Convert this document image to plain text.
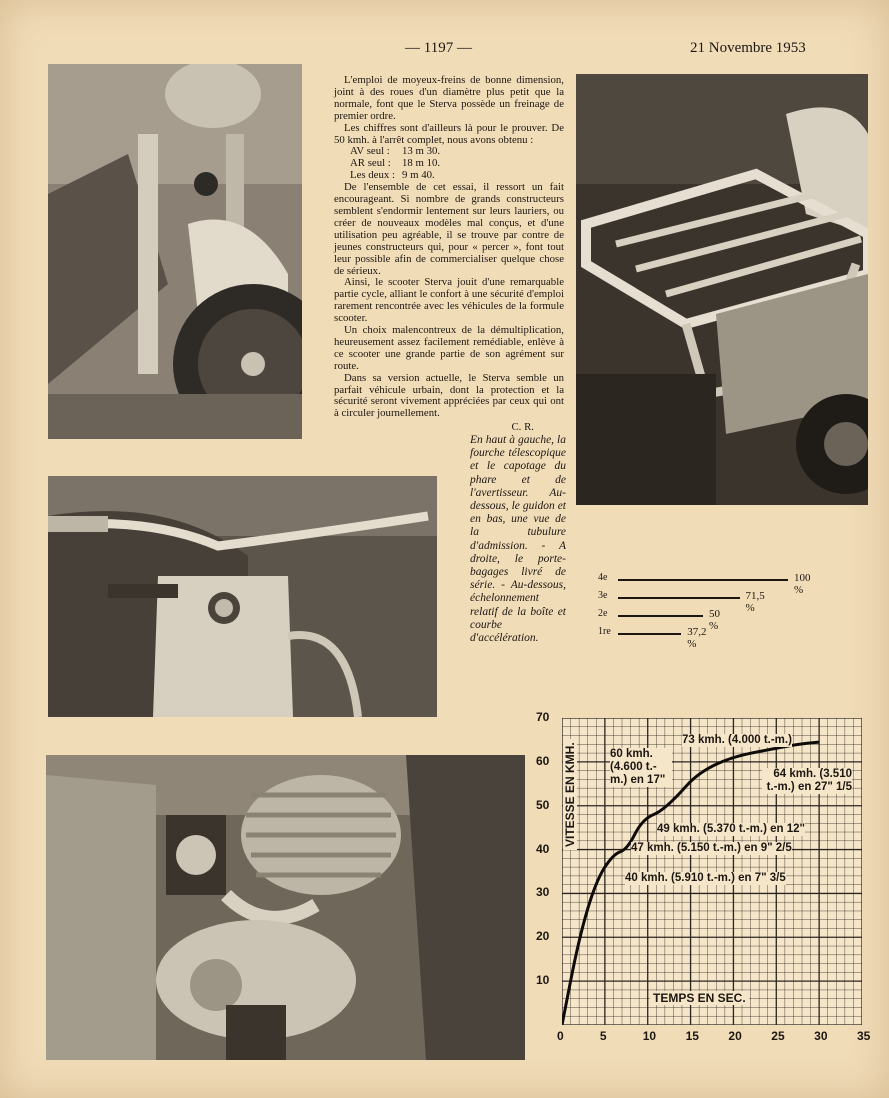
— 1197 —	21 Novembre 1953

L'emploi de moyeux-freins de bonne dimension, joint à des roues d'un diamètre plus petit que la normale, font que le Sterva possède un freinage de premier ordre.

Les chiffres sont d'ailleurs là pour le prouver. De 50 kmh. à l'arrêt complet, nous avons obtenu :

AV seul :	13 m 30.
AR seul :	18 m 10.
Les deux : 9 m 40.

De l'ensemble de cet essai, il ressort un fait encourageant. Si nombre de grands constructeurs semblent s'endormir lentement sur leurs lauriers, ou créer de nouveaux modèles mal conçus, et d'une utilisation peu agréable, il se trouve par contre de jeunes constructeurs qui, pour « percer », font tout leur possible afin de commercialiser quelque chose de sérieux.

Ainsi, le scooter Sterva jouit d'une remarquable partie cycle, alliant le confort à une sécurité d'emploi rarement rencontrée avec les véhicules de la formule scooter.

Un choix malencontreux de la démultiplication, heureusement assez facilement remédiable, enlève à ce scooter une grande partie de son agrément sur route.

Dans sa version actuelle, le Sterva semble un parfait véhicule urbain, dont la protection et la sécurité seront vivement appréciées par ceux qui ont à circuler journellement.

C. R.

En haut à gauche, la fourche télescopique et le capotage du phare et de l'avertisseur. Au-dessous, le guidon et en bas, une vue de la tubulure d'admission. - A droite, le porte-bagages livré de série. - Au-dessous, échelonnement relatif de la boîte et courbe d'accélération.

4e	100 %
3e	71,5 %
2e	50 %
1re	37,2 %
VITESSE EN KMH.
TEMPS EN SEC.
0	5	10 15 20 25 30 35
10
20
30
40
50
60
70
73 kmh. (4.000 t.-m.)
60 kmh. (4.600 t.-m.) en 17"	64 kmh. (3.510 t.-m.) en 27" 1/5
49 kmh. (5.370 t.-m.) en 12"
47 kmh. (5.150 t.-m.) en 9" 2/5
40 kmh. (5.910 t.-m.) en 7" 3/5
